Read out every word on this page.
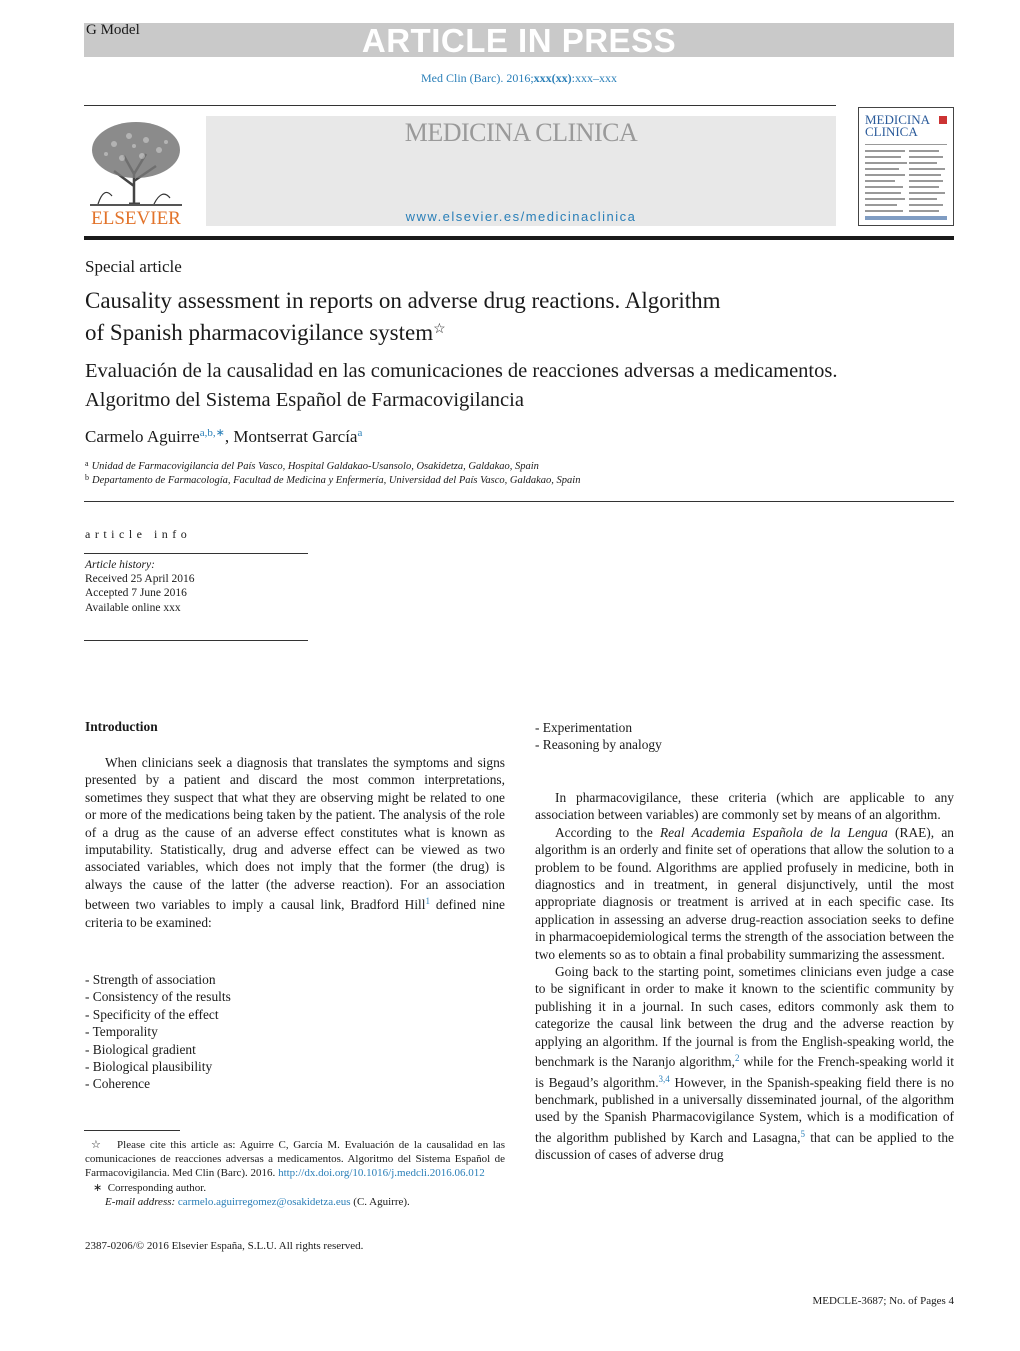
G Model	ARTICLE IN PRESS
Med Clin (Barc). 2016;xxx(xx):xxx–xxx
ELSEVIER
MEDICINA CLINICA
www.elsevier.es/medicinaclinica
MEDICINA
CLINICA
Special article
Causality assessment in reports on adverse drug reactions. Algorithm
of Spanish pharmacovigilance system☆
Evaluación de la causalidad en las comunicaciones de reacciones adversas a medicamentos.
Algoritmo del Sistema Español de Farmacovigilancia
Carmelo Aguirre$^{a,b,∗}$, Montserrat García$^a$
$^a$ Unidad de Farmacovigilancia del País Vasco, Hospital Galdakao-Usansolo, Osakidetza, Galdakao, Spain
$^b$ Departamento de Farmacología, Facultad de Medicina y Enfermería, Universidad del País Vasco, Galdakao, Spain
article info
Article history:
Received 25 April 2016
Accepted 7 June 2016
Available online xxx
Introduction

When clinicians seek a diagnosis that translates the symptoms and signs presented by a patient and discard the most common interpretations, sometimes they suspect that what they are observing might be related to one or more of the medications being taken by the patient. The analysis of the role of a drug as the cause of an adverse effect constitutes what is known as imputability. Statistically, drug and adverse effect can be viewed as two associated variables, which does not imply that the former (the drug) is always the cause of the latter (the adverse reaction). For an association between two variables to imply a causal link, Bradford Hill$^1$ defined nine criteria to be examined:

- Strength of association
- Consistency of the results
- Specificity of the effect
- Temporality
- Biological gradient
- Biological plausibility
- Coherence
- Experimentation
- Reasoning by analogy

In pharmacovigilance, these criteria (which are applicable to any association between variables) are commonly set by means of an algorithm.

According to the Real Academia Española de la Lengua (RAE), an algorithm is an orderly and finite set of operations that allow the solution to a problem to be found. Algorithms are applied profusely in medicine, both in diagnostics and in treatment, in general disjunctively, until the most appropriate diagnosis or treatment is arrived at in each specific case. Its application in assessing an adverse drug-reaction association seeks to define in pharmacoepidemiological terms the strength of the association between the two elements so as to obtain a final probability summarizing the assessment.

Going back to the starting point, sometimes clinicians even judge a case to be significant in order to make it known to the scientific community by publishing it in a journal. In such cases, editors commonly ask them to categorize the causal link between the drug and the adverse reaction by applying an algorithm. If the journal is from the English-speaking world, the benchmark is the Naranjo algorithm,$^2$ while for the French-speaking world it is Begaud’s algorithm.$^{3,4}$ However, in the Spanish-speaking field there is no benchmark, published in a universally disseminated journal, of the algorithm used by the Spanish Pharmacovigilance System, which is a modification of the algorithm published by Karch and Lasagna,$^5$ that can be applied to the discussion of cases of adverse drug

☆ Please cite this article as: Aguirre C, García M. Evaluación de la causalidad en las comunicaciones de reacciones adversas a medicamentos. Algoritmo del Sistema Español de Farmacovigilancia. Med Clin (Barc). 2016. http://dx.doi.org/10.1016/j.medcli.2016.06.012

∗ Corresponding author.

E-mail address: carmelo.aguirregomez@osakidetza.eus (C. Aguirre).

2387-0206/© 2016 Elsevier España, S.L.U. All rights reserved.
MEDCLE-3687; No. of Pages 4
